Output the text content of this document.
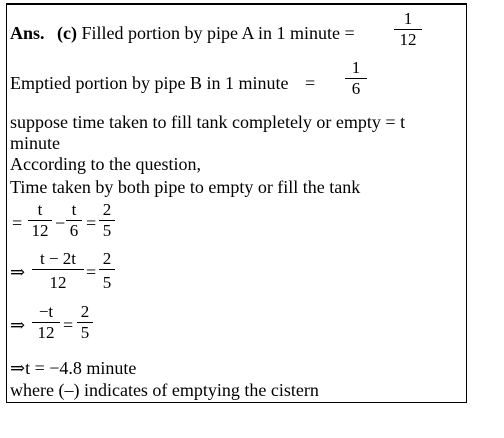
Ans. (c) Filled portion by pipe A in 1 minute =
1
12
Emptied portion by pipe B in 1 minute =
1
6
suppose time taken to fill tank completely or empty = t
minute
According to the question,
Time taken by both pipe to empty or fill the tank
=
t
12 −
t
6 =
2
5
⇒
t − 2t
12
=
2
5
⇒
−t
12 =
2
5
⇒t = −4.8 minute
where (–) indicates of emptying the cistern
